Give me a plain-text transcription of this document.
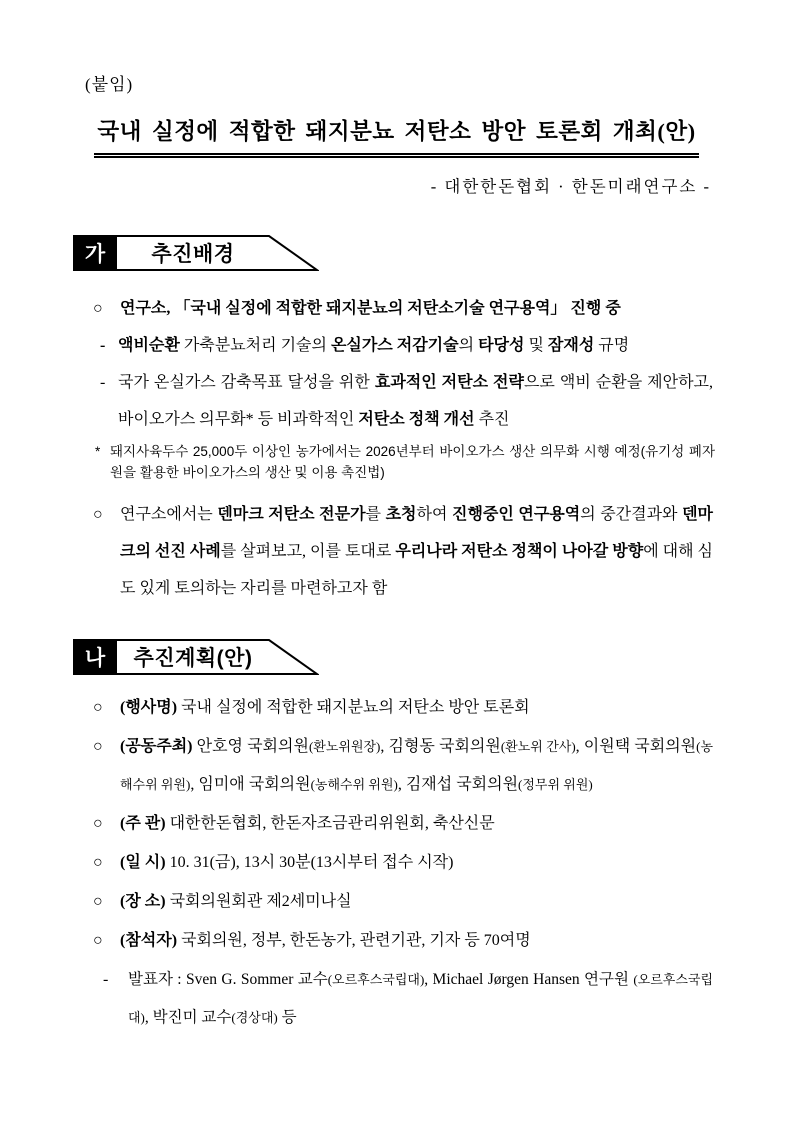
(붙임)
국내 실정에 적합한 돼지분뇨 저탄소 방안 토론회 개최(안)
- 대한한돈협회 · 한돈미래연구소 -
가	추진배경
○	연구소, 「국내 실정에 적합한 돼지분뇨의 저탄소기술 연구용역」 진행 중
- 액비순환 가축분뇨처리 기술의 온실가스 저감기술의 타당성 및 잠재성 규명
- 국가 온실가스 감축목표 달성을 위한 효과적인 저탄소 전략으로 액비 순환을 제안하고, 바이오가스 의무화* 등 비과학적인 저탄소 정책 개선 추진
* 돼지사육두수 25,000두 이상인 농가에서는 2026년부터 바이오가스 생산 의무화 시행 예정(유기성 폐자원을 활용한 바이오가스의 생산 및 이용 촉진법)
○	연구소에서는 덴마크 저탄소 전문가를 초청하여 진행중인 연구용역의 중간결과와 덴마크의 선진 사례를 살펴보고, 이를 토대로 우리나라 저탄소 정책이 나아갈 방향에 대해 심도 있게 토의하는 자리를 마련하고자 함
나	추진계획(안)
○	(행사명) 국내 실정에 적합한 돼지분뇨의 저탄소 방안 토론회
○	(공동주최) 안호영 국회의원(환노위원장), 김형동 국회의원(환노위 간사), 이원택 국회의원(농해수위 위원), 임미애 국회의원(농해수위 위원), 김재섭 국회의원(정무위 위원)
○	(주 관) 대한한돈협회, 한돈자조금관리위원회, 축산신문
○	(일 시) 10. 31(금), 13시 30분(13시부터 접수 시작)
○	(장 소) 국회의원회관 제2세미나실
○	(참석자) 국회의원, 정부, 한돈농가, 관련기관, 기자 등 70여명
-	발표자 : Sven G. Sommer 교수(오르후스국립대), Michael Jørgen Hansen 연구원 (오르후스국립대), 박진미 교수(경상대) 등
